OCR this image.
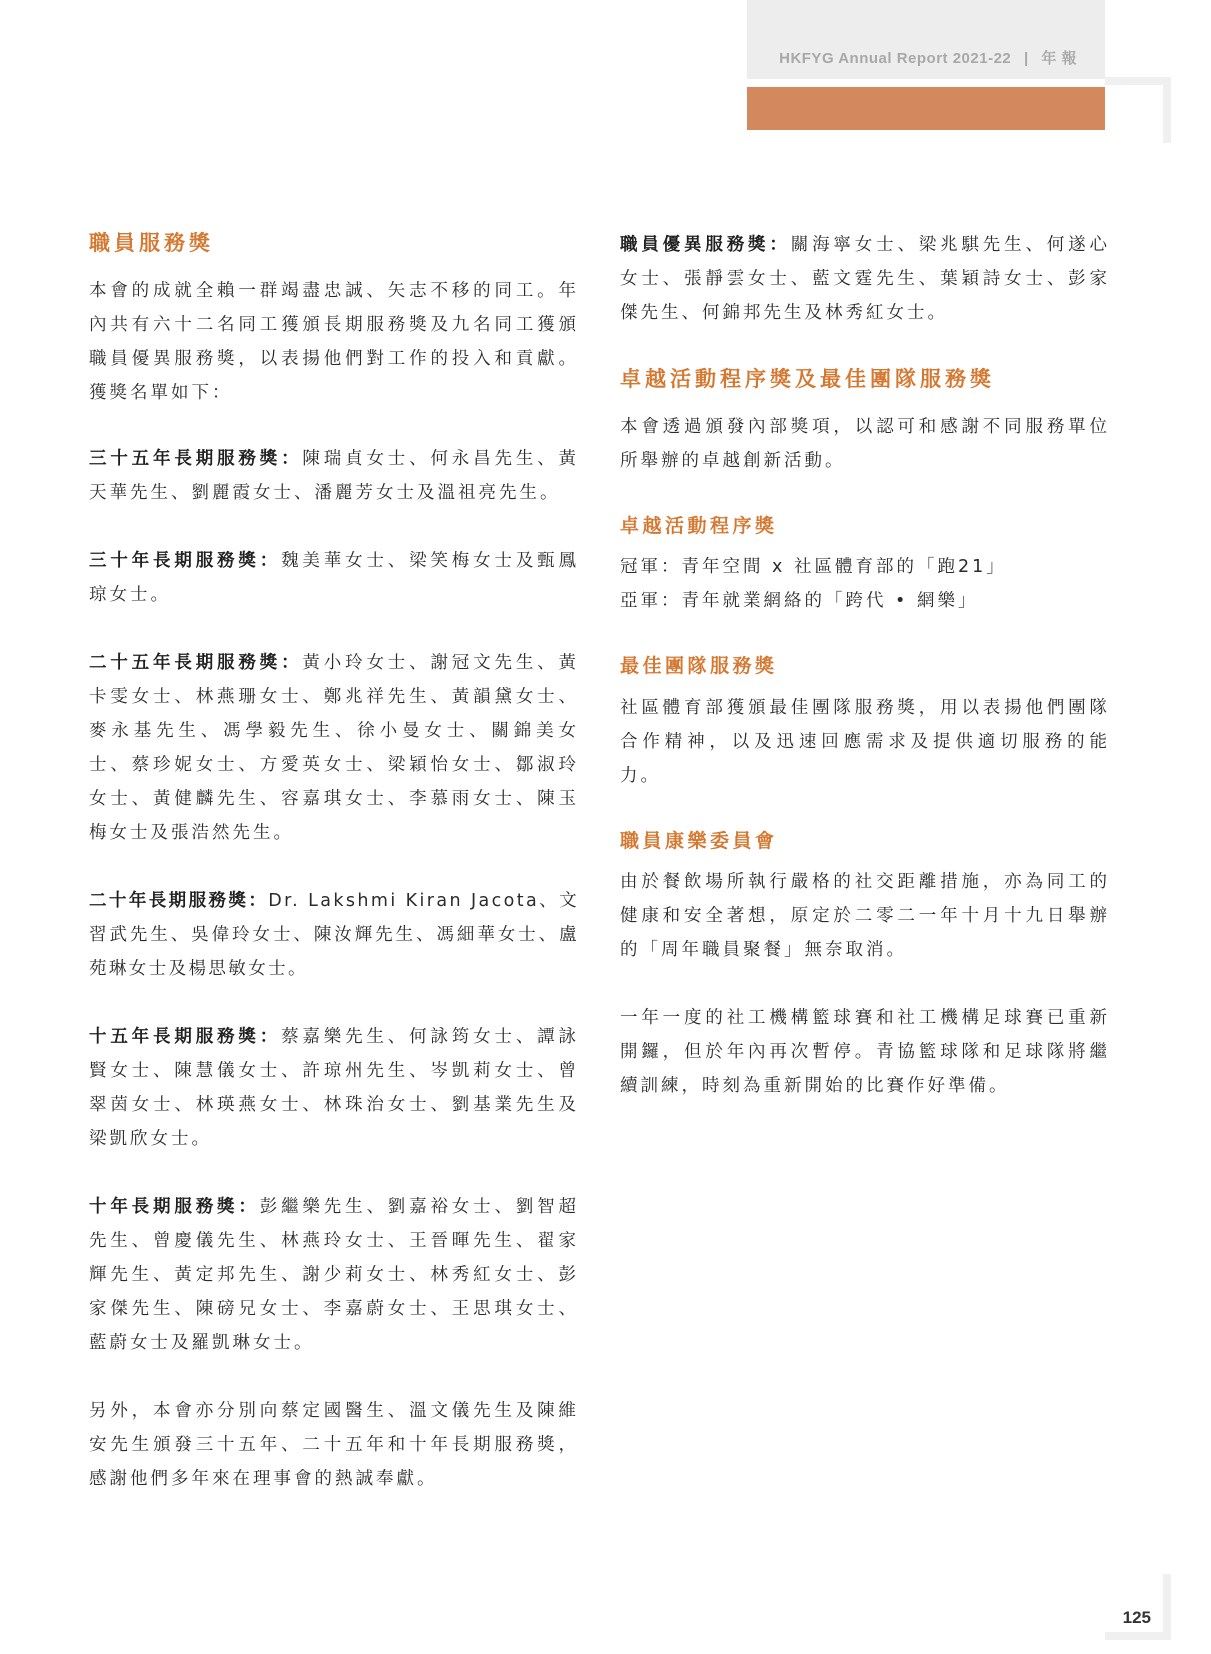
HKFYG Annual Report 2021-22 | 年 報
職員服務獎

本會的成就全賴一群竭盡忠誠、矢志不移的同工。年內共有六十二名同工獲頒長期服務獎及九名同工獲頒職員優異服務獎，以表揚他們對工作的投入和貢獻。獲獎名單如下：

三十五年長期服務獎：陳瑞貞女士、何永昌先生、黃天華先生、劉麗霞女士、潘麗芳女士及溫祖亮先生。

三十年長期服務獎：魏美華女士、梁笑梅女士及甄鳳琼女士。

二十五年長期服務獎：黃小玲女士、謝冠文先生、黃卡雯女士、林燕珊女士、鄭兆祥先生、黃韻黛女士、麥永基先生、馮學毅先生、徐小曼女士、關錦美女士、蔡珍妮女士、方愛英女士、梁穎怡女士、鄒淑玲女士、黃健麟先生、容嘉琪女士、李慕雨女士、陳玉梅女士及張浩然先生。

二十年長期服務獎：Dr. Lakshmi Kiran Jacota、文習武先生、吳偉玲女士、陳汝輝先生、馮細華女士、盧苑琳女士及楊思敏女士。

十五年長期服務獎：蔡嘉樂先生、何詠筠女士、譚詠賢女士、陳慧儀女士、許琼州先生、岑凱莉女士、曾翠茵女士、林瑛燕女士、林珠治女士、劉基業先生及梁凱欣女士。

十年長期服務獎：彭繼樂先生、劉嘉裕女士、劉智超先生、曾慶儀先生、林燕玲女士、王晉暉先生、翟家輝先生、黃定邦先生、謝少莉女士、林秀紅女士、彭家傑先生、陳磅兄女士、李嘉蔚女士、王思琪女士、藍蔚女士及羅凱琳女士。

另外，本會亦分別向蔡定國醫生、溫文儀先生及陳維安先生頒發三十五年、二十五年和十年長期服務獎，感謝他們多年來在理事會的熱誠奉獻。

職員優異服務獎：關海寧女士、梁兆騏先生、何遂心女士、張靜雲女士、藍文霆先生、葉穎詩女士、彭家傑先生、何錦邦先生及林秀紅女士。

卓越活動程序獎及最佳團隊服務獎

本會透過頒發內部獎項，以認可和感謝不同服務單位所舉辦的卓越創新活動。

卓越活動程序獎

冠軍：青年空間 x 社區體育部的「跑21」
亞軍：青年就業網絡的「跨代 • 網樂」

最佳團隊服務獎

社區體育部獲頒最佳團隊服務獎，用以表揚他們團隊合作精神，以及迅速回應需求及提供適切服務的能力。

職員康樂委員會

由於餐飲場所執行嚴格的社交距離措施，亦為同工的健康和安全著想，原定於二零二一年十月十九日舉辦的「周年職員聚餐」無奈取消。

一年一度的社工機構籃球賽和社工機構足球賽已重新開鑼，但於年內再次暫停。青協籃球隊和足球隊將繼續訓練，時刻為重新開始的比賽作好準備。

125
